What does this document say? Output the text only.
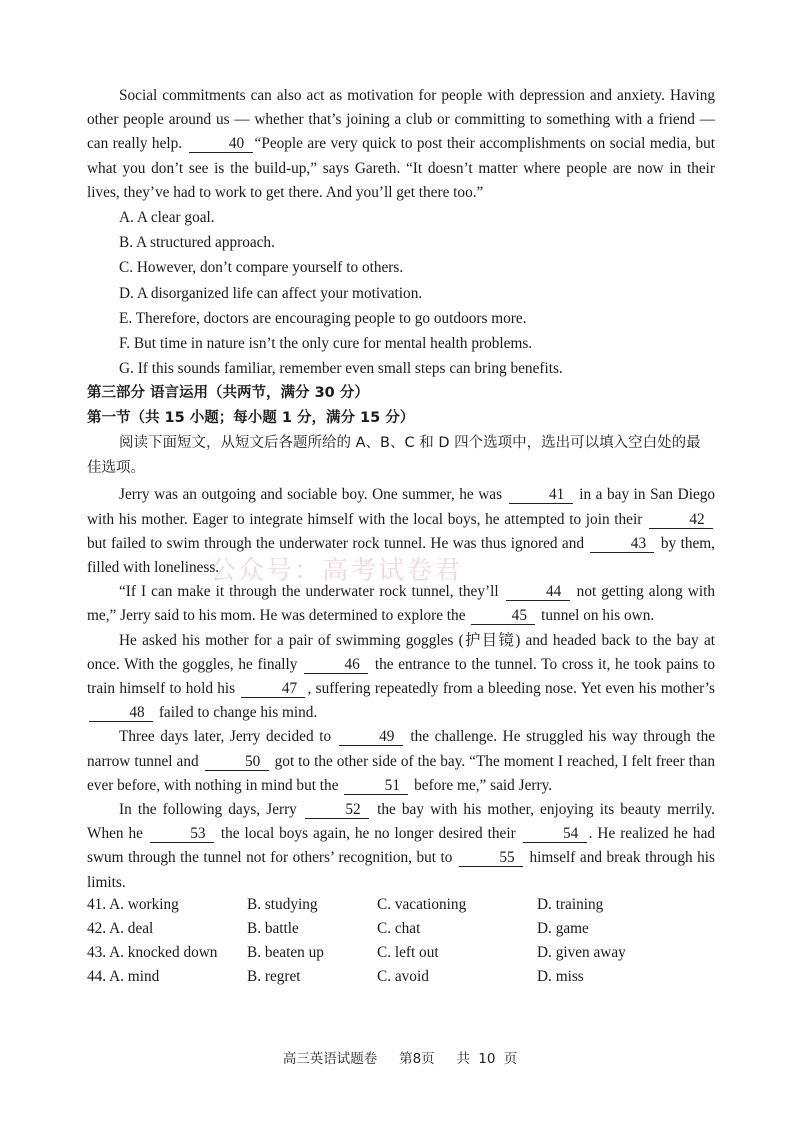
Social commitments can also act as motivation for people with depression and anxiety. Having other people around us — whether that’s joining a club or committing to something with a friend — can really help.	40 “People are very quick to post their accomplishments on social media, but what you don’t see is the build-up,” says Gareth. “It doesn’t matter where people are now in their lives, they’ve had to work to get there. And you’ll get there too.”

A. A clear goal.

B. A structured approach.

C. However, don’t compare yourself to others.

D. A disorganized life can affect your motivation.

E. Therefore, doctors are encouraging people to go outdoors more.

F. But time in nature isn’t the only cure for mental health problems.

G. If this sounds familiar, remember even small steps can bring benefits.

第三部分 语言运用（共两节，满分 30 分）

第一节（共 15 小题；每小题 1 分，满分 15 分）

阅读下面短文，从短文后各题所给的 A、B、C 和 D 四个选项中，选出可以填入空白处的最佳选项。

Jerry was an outgoing and sociable boy. One summer, he was	41 in a bay in San Diego with his mother. Eager to integrate himself with the local boys, he attempted to join their	42 but failed to swim through the underwater rock tunnel. He was thus ignored and	43 by them, filled with loneliness.

“If I can make it through the underwater rock tunnel, they’ll	44 not getting along with me,” Jerry said to his mom. He was determined to explore the	45 tunnel on his own.

He asked his mother for a pair of swimming goggles (护目镜) and headed back to the bay at once. With the goggles, he finally	46 the entrance to the tunnel. To cross it, he took pains to train himself to hold his	47 , suffering repeatedly from a bleeding nose. Yet even his mother’s 48 failed to change his mind.

Three days later, Jerry decided to	49 the challenge. He struggled his way through the narrow tunnel and	50 got to the other side of the bay. “The moment I reached, I felt freer than ever before, with nothing in mind but the	51 before me,” said Jerry.

In the following days, Jerry	52 the bay with his mother, enjoying its beauty merrily. When he	53 the local boys again, he no longer desired their	54 . He realized he had swum through the tunnel not for others’ recognition, but to	55 himself and break through his limits.

41. A. working	B. studying	C. vacationing	D. training
42. A. deal	B. battle	C. chat	D. game
43. A. knocked down	B. beaten up	C. left out	D. given away
44. A. mind	B. regret	C. avoid	D. miss
公众号：高考试卷君
高三英语试题卷　 第8页 　共 10 页
